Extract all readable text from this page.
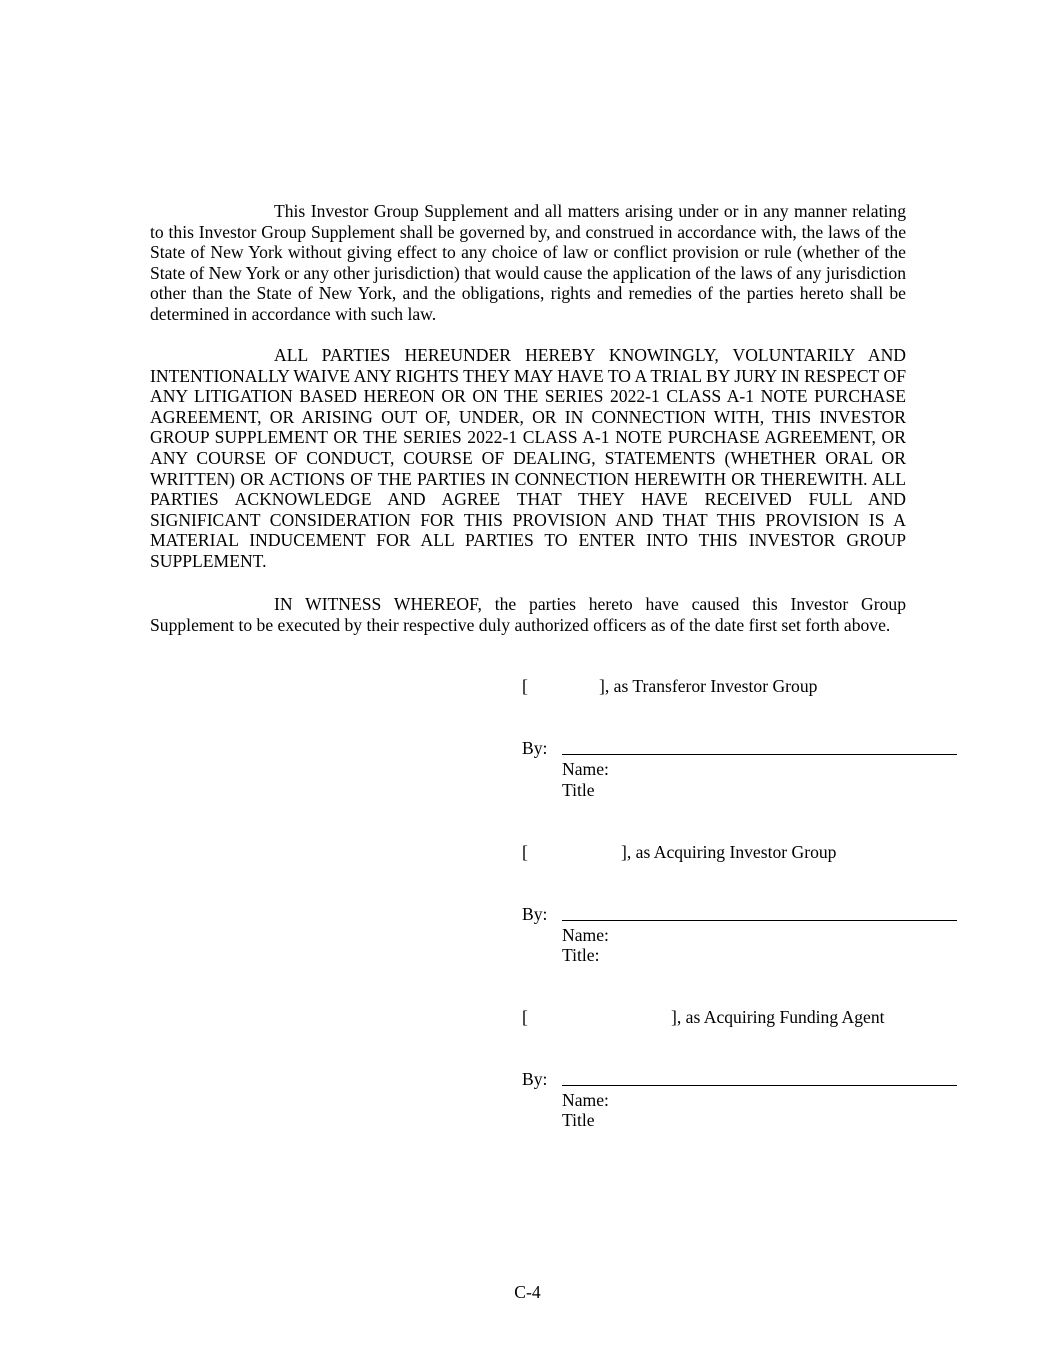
This Investor Group Supplement and all matters arising under or in any manner relating to this Investor Group Supplement shall be governed by, and construed in accordance with, the laws of the State of New York without giving effect to any choice of law or conflict provision or rule (whether of the State of New York or any other jurisdiction) that would cause the application of the laws of any jurisdiction other than the State of New York, and the obligations, rights and remedies of the parties hereto shall be determined in accordance with such law.

ALL PARTIES HEREUNDER HEREBY KNOWINGLY, VOLUNTARILY AND INTENTIONALLY WAIVE ANY RIGHTS THEY MAY HAVE TO A TRIAL BY JURY IN RESPECT OF ANY LITIGATION BASED HEREON OR ON THE SERIES 2022-1 CLASS A-1 NOTE PURCHASE AGREEMENT, OR ARISING OUT OF, UNDER, OR IN CONNECTION WITH, THIS INVESTOR GROUP SUPPLEMENT OR THE SERIES 2022-1 CLASS A-1 NOTE PURCHASE AGREEMENT, OR ANY COURSE OF CONDUCT, COURSE OF DEALING, STATEMENTS (WHETHER ORAL OR WRITTEN) OR ACTIONS OF THE PARTIES IN CONNECTION HEREWITH OR THEREWITH. ALL PARTIES ACKNOWLEDGE AND AGREE THAT THEY HAVE RECEIVED FULL AND SIGNIFICANT CONSIDERATION FOR THIS PROVISION AND THAT THIS PROVISION IS A MATERIAL INDUCEMENT FOR ALL PARTIES TO ENTER INTO THIS INVESTOR GROUP SUPPLEMENT.

IN WITNESS WHEREOF, the parties hereto have caused this Investor Group Supplement to be executed by their respective duly authorized officers as of the date first set forth above.

[	], as Transferor Investor Group
By:
Name:
Title
[	], as Acquiring Investor Group
By:
Name:
Title:
[	], as Acquiring Funding Agent
By:
Name:
Title
C-4
